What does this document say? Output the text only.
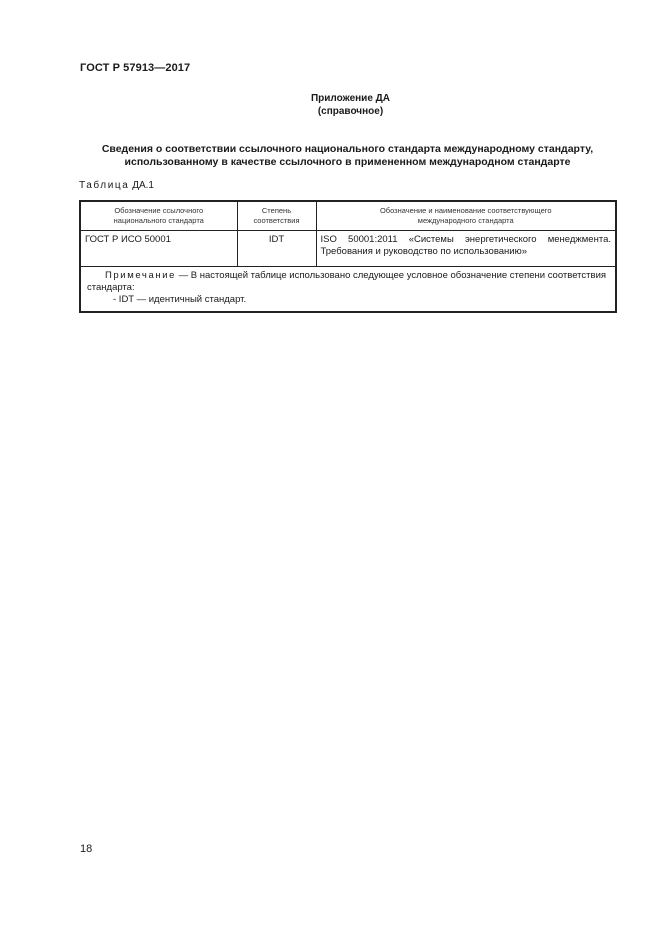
ГОСТ Р 57913—2017
Приложение ДА
(справочное)
Сведения о соответствии ссылочного национального стандарта международному стандарту,
использованному в качестве ссылочного в примененном международном стандарте
Таблица ДА.1
Обозначение ссылочного национального стандарта	Степень соответствия	Обозначение и наименование соответствующего международного стандарта
ГОСТ Р ИСО 50001	IDT	ISO 50001:2011 «Системы энергетического менеджмента. Требования и руководство по использованию»

Примечание — В настоящей таблице использовано следующее условное обозначение степени соответствия стандарта:
- IDT — идентичный стандарт.		
18
